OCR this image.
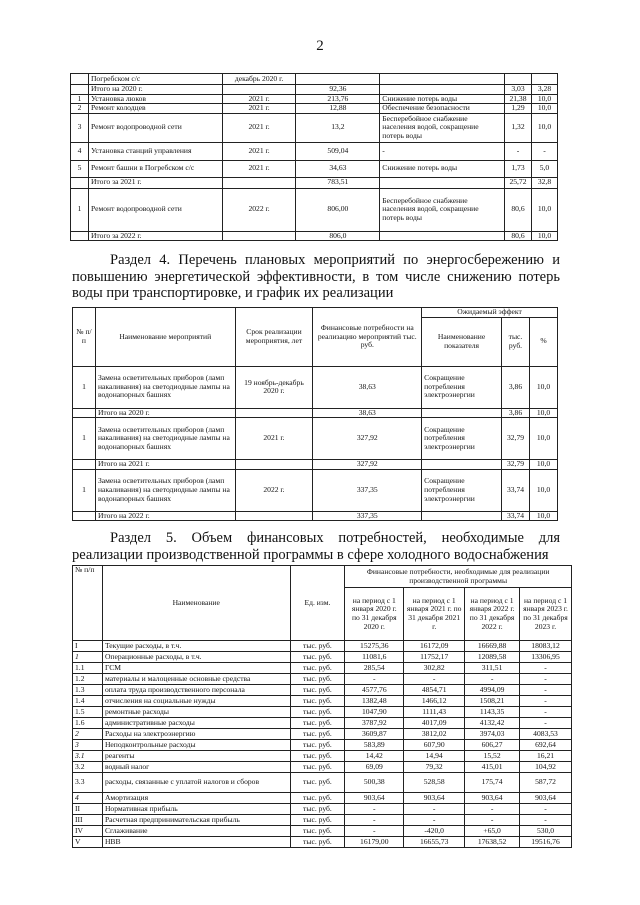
2
	Погребском с/с	декабрь 2020 г.				
	Итого на 2020 г.		92,36		3,03	3,28
1	Установка люков	2021 г.	213,76	Снижение потерь воды	21,38	10,0
2	Ремонт колодцев	2021 г.	12,88	Обеспечение безопасности	1,29	10,0
3	Ремонт водопроводной сети	2021 г.	13,2	Бесперебойное снабжение населения водой, сокращение потерь воды	1,32	10,0
4	Установка станций управления	2021 г.	509,04	-	-	-
5	Ремонт башни в Погребском с/с	2021 г.	34,63	Снижение потерь воды	1,73	5,0
	Итого за 2021 г.		783,51		25,72	32,8
1	Ремонт водопроводной сети	2022 г.	806,00	Бесперебойное снабжение населения водой, сокращение потерь воды	80,6	10,0
	Итого за 2022 г.		806,0		80,6	10,0
Раздел 4. Перечень плановых мероприятий по энергосбережению и повышению энергетической эффективности, в том числе снижению потерь воды при транспортировке, и график их реализации
№ п/ п	Наименование мероприятий	Срок реализации мероприятия, лет	Финансовые потребности на реализацию мероприятий тыс. руб.	Ожидаемый эффект		
				Наименование показателя	тыс. руб.	%
1	Замена осветительных приборов (ламп накаливания) на светодиодные лампы на водонапорных башнях	19 ноябрь-декабрь 2020 г.	38,63	Сокращение потребления электроэнергии	3,86	10,0
	Итого на 2020 г.		38,63		3,86	10,0
1	Замена осветительных приборов (ламп накаливания) на светодиодные лампы на водонапорных башнях	2021 г.	327,92	Сокращение потребления электроэнергии	32,79	10,0
	Итого на 2021 г.		327,92		32,79	10,0
1	Замена осветительных приборов (ламп накаливания) на светодиодные лампы на водонапорных башнях	2022 г.	337,35	Сокращение потребления электроэнергии	33,74	10,0
	Итого на 2022 г.		337,35		33,74	10,0
Раздел 5. Объем финансовых потребностей, необходимые для реализации производственной программы в сфере холодного водоснабжения
№ п/п	Наименование	Ед. изм.	Финансовые потребности, необходимые для реализации производственной программы			
			на период с 1 января 2020 г. по 31 декабря 2020 г.	на период с 1 января 2021 г. по 31 декабря 2021 г.	на период с 1 января 2022 г. по 31 декабря 2022 г.	на период с 1 января 2023 г. по 31 декабря 2023 г.
I	Текущие расходы, в т.ч.	тыс. руб.	15275,36	16172,09	16669,88	18083,12
1	Операционные расходы, в т.ч.	тыс. руб.	11081,6	11752,17	12089,58	13306,95
1.1	ГСМ	тыс. руб.	285,54	302,82	311,51	-
1.2	материалы и малоценные основные средства	тыс. руб.	-	-	-	-
1.3	оплата труда производственного персонала	тыс. руб.	4577,76	4854,71	4994,09	-
1.4	отчисления на социальные нужды	тыс. руб.	1382,48	1466,12	1508,21	-
1.5	ремонтные расходы	тыс. руб.	1047,90	1111,43	1143,35	-
1.6	административные расходы	тыс. руб.	3787,92	4017,09	4132,42	-
2	Расходы на электроэнергию	тыс. руб.	3609,87	3812,02	3974,03	4083,53
3	Неподконтрольные расходы	тыс. руб.	583,89	607,90	606,27	692,64
3.1	реагенты	тыс. руб.	14,42	14,94	15,52	16,21
3.2	водный налог	тыс. руб.	69,09	79,32	415,01	104,92
3.3	расходы, связанные с уплатой налогов и сборов	тыс. руб.	500,38	528,58	175,74	587,72
4	Амортизация	тыс. руб.	903,64	903,64	903,64	903,64
II	Нормативная прибыль	тыс. руб.	-	-	-	-
III	Расчетная предпринимательская прибыль	тыс. руб.	-	-	-	-
IV	Сглаживание	тыс. руб.	-	-420,0	+65,0	530,0
V	НВВ	тыс. руб.	16179,00	16655,73	17638,52	19516,76
